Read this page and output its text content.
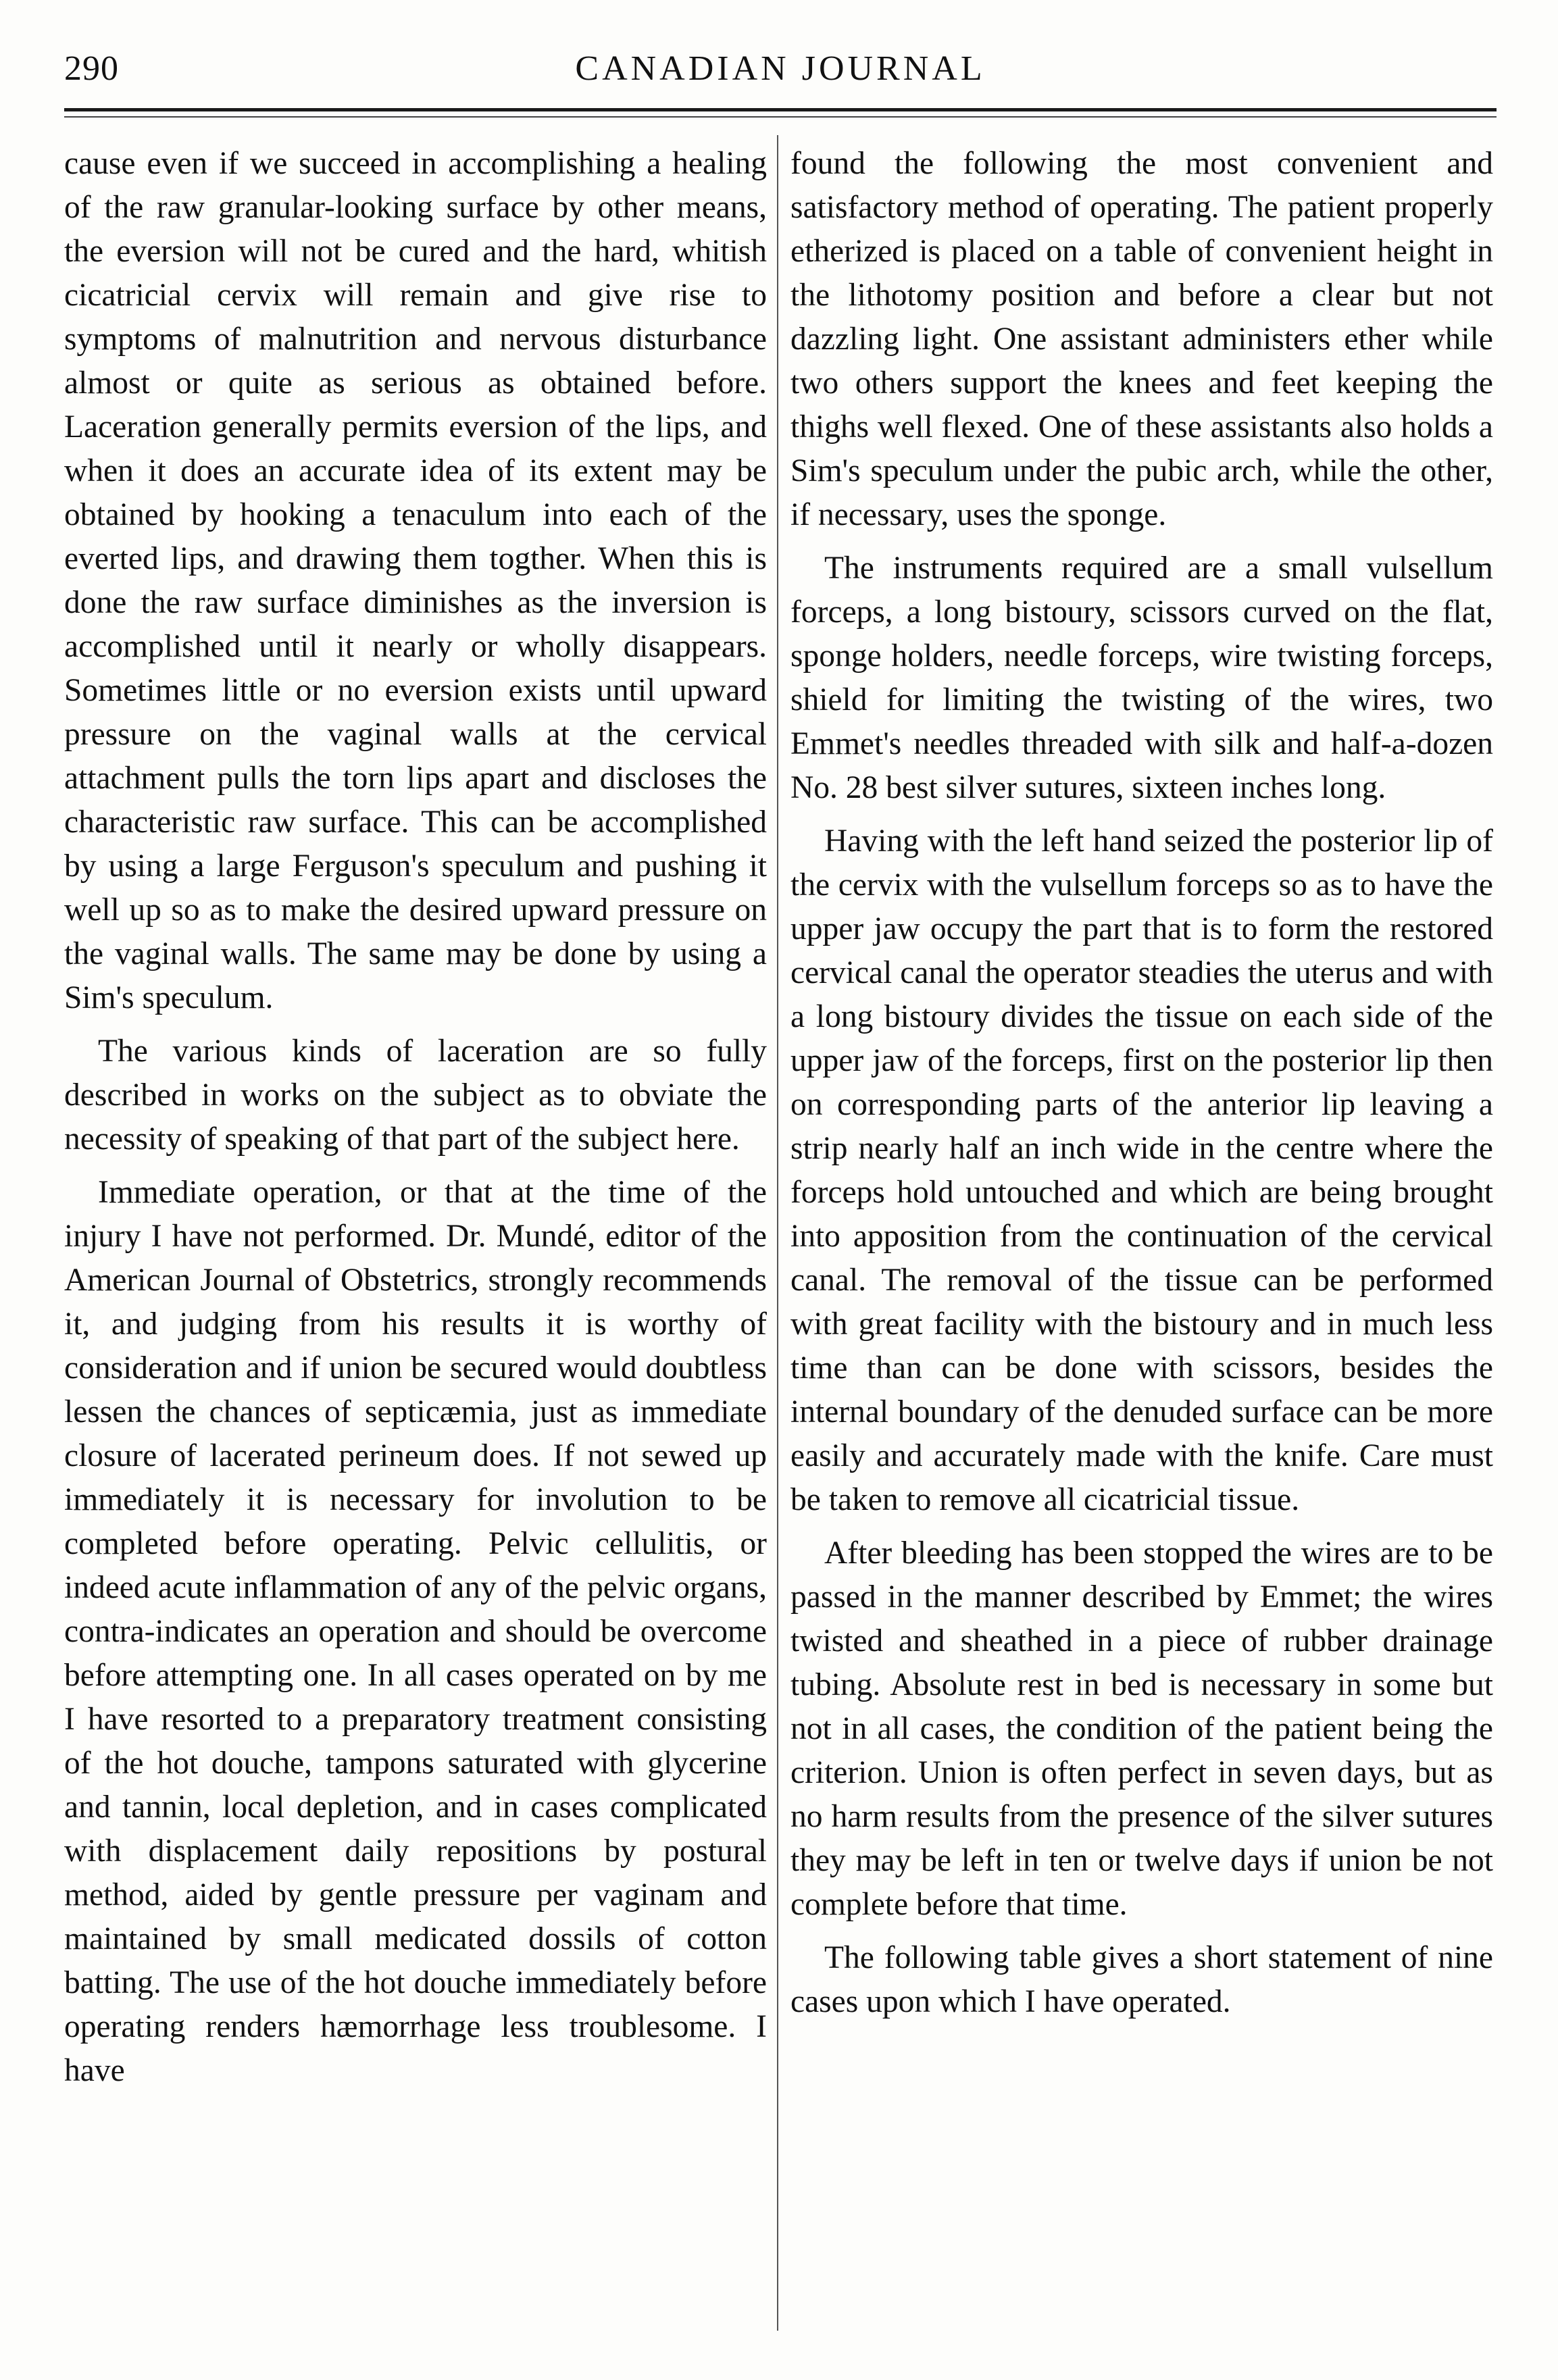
290	CANADIAN JOURNAL

cause even if we succeed in accomplishing a healing of the raw granular-looking surface by other means, the eversion will not be cured and the hard, whitish cicatricial cervix will remain and give rise to symptoms of malnutrition and nervous disturbance almost or quite as serious as obtained before. Laceration generally permits eversion of the lips, and when it does an accurate idea of its extent may be obtained by hooking a tenaculum into each of the everted lips, and drawing them togther. When this is done the raw surface diminishes as the inversion is accomplished until it nearly or wholly disappears. Sometimes little or no eversion exists until upward pressure on the vaginal walls at the cervical attachment pulls the torn lips apart and discloses the characteristic raw surface. This can be accomplished by using a large Ferguson's speculum and pushing it well up so as to make the desired upward pressure on the vaginal walls. The same may be done by using a Sim's speculum.

The various kinds of laceration are so fully described in works on the subject as to obviate the necessity of speaking of that part of the subject here.

Immediate operation, or that at the time of the injury I have not performed. Dr. Mundé, editor of the American Journal of Obstetrics, strongly recommends it, and judging from his results it is worthy of consideration and if union be secured would doubtless lessen the chances of septicæmia, just as immediate closure of lacerated perineum does. If not sewed up immediately it is necessary for involution to be completed before operating. Pelvic cellulitis, or indeed acute inflammation of any of the pelvic organs, contra-indicates an operation and should be overcome before attempting one. In all cases operated on by me I have resorted to a preparatory treatment consisting of the hot douche, tampons saturated with glycerine and tannin, local depletion, and in cases complicated with displacement daily repositions by postural method, aided by gentle pressure per vaginam and maintained by small medicated dossils of cotton batting. The use of the hot douche immediately before operating renders hæmorrhage less troublesome. I have

found the following the most convenient and satisfactory method of operating. The patient properly etherized is placed on a table of convenient height in the lithotomy position and before a clear but not dazzling light. One assistant administers ether while two others support the knees and feet keeping the thighs well flexed. One of these assistants also holds a Sim's speculum under the pubic arch, while the other, if necessary, uses the sponge.

The instruments required are a small vulsellum forceps, a long bistoury, scissors curved on the flat, sponge holders, needle forceps, wire twisting forceps, shield for limiting the twisting of the wires, two Emmet's needles threaded with silk and half-a-dozen No. 28 best silver sutures, sixteen inches long.

Having with the left hand seized the posterior lip of the cervix with the vulsellum forceps so as to have the upper jaw occupy the part that is to form the restored cervical canal the operator steadies the uterus and with a long bistoury divides the tissue on each side of the upper jaw of the forceps, first on the posterior lip then on corresponding parts of the anterior lip leaving a strip nearly half an inch wide in the centre where the forceps hold untouched and which are being brought into apposition from the continuation of the cervical canal. The removal of the tissue can be performed with great facility with the bistoury and in much less time than can be done with scissors, besides the internal boundary of the denuded surface can be more easily and accurately made with the knife. Care must be taken to remove all cicatricial tissue.

After bleeding has been stopped the wires are to be passed in the manner described by Emmet; the wires twisted and sheathed in a piece of rubber drainage tubing. Absolute rest in bed is necessary in some but not in all cases, the condition of the patient being the criterion. Union is often perfect in seven days, but as no harm results from the presence of the silver sutures they may be left in ten or twelve days if union be not complete before that time.

The following table gives a short statement of nine cases upon which I have operated.
